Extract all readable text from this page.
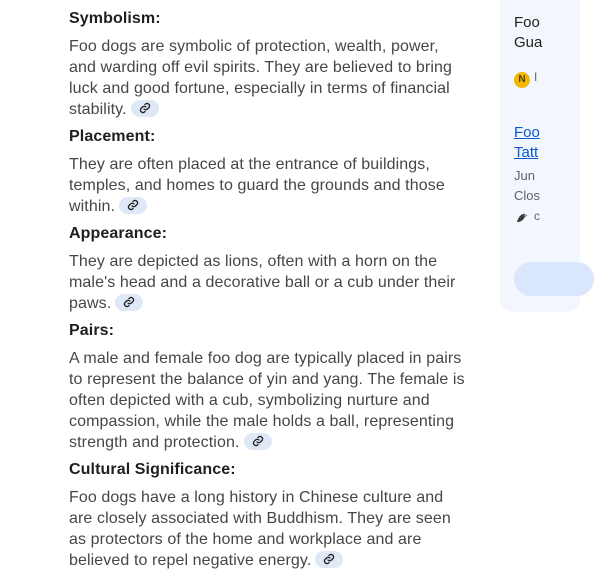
Symbolism:
Foo dogs are symbolic of protection, wealth, power, and warding off evil spirits. They are believed to bring luck and good fortune, especially in terms of financial stability.
Placement:
They are often placed at the entrance of buildings, temples, and homes to guard the grounds and those within.
Appearance:
They are depicted as lions, often with a horn on the male's head and a decorative ball or a cub under their paws.
Pairs:
A male and female foo dog are typically placed in pairs to represent the balance of yin and yang. The female is often depicted with a cub, symbolizing nurture and compassion, while the male holds a ball, representing strength and protection.
Cultural Significance:
Foo dogs have a long history in Chinese culture and are closely associated with Buddhism. They are seen as protectors of the home and workplace and are believed to repel negative energy.
Foo
Gua
N I
Foo
Tatt
Jun
Clos
c
